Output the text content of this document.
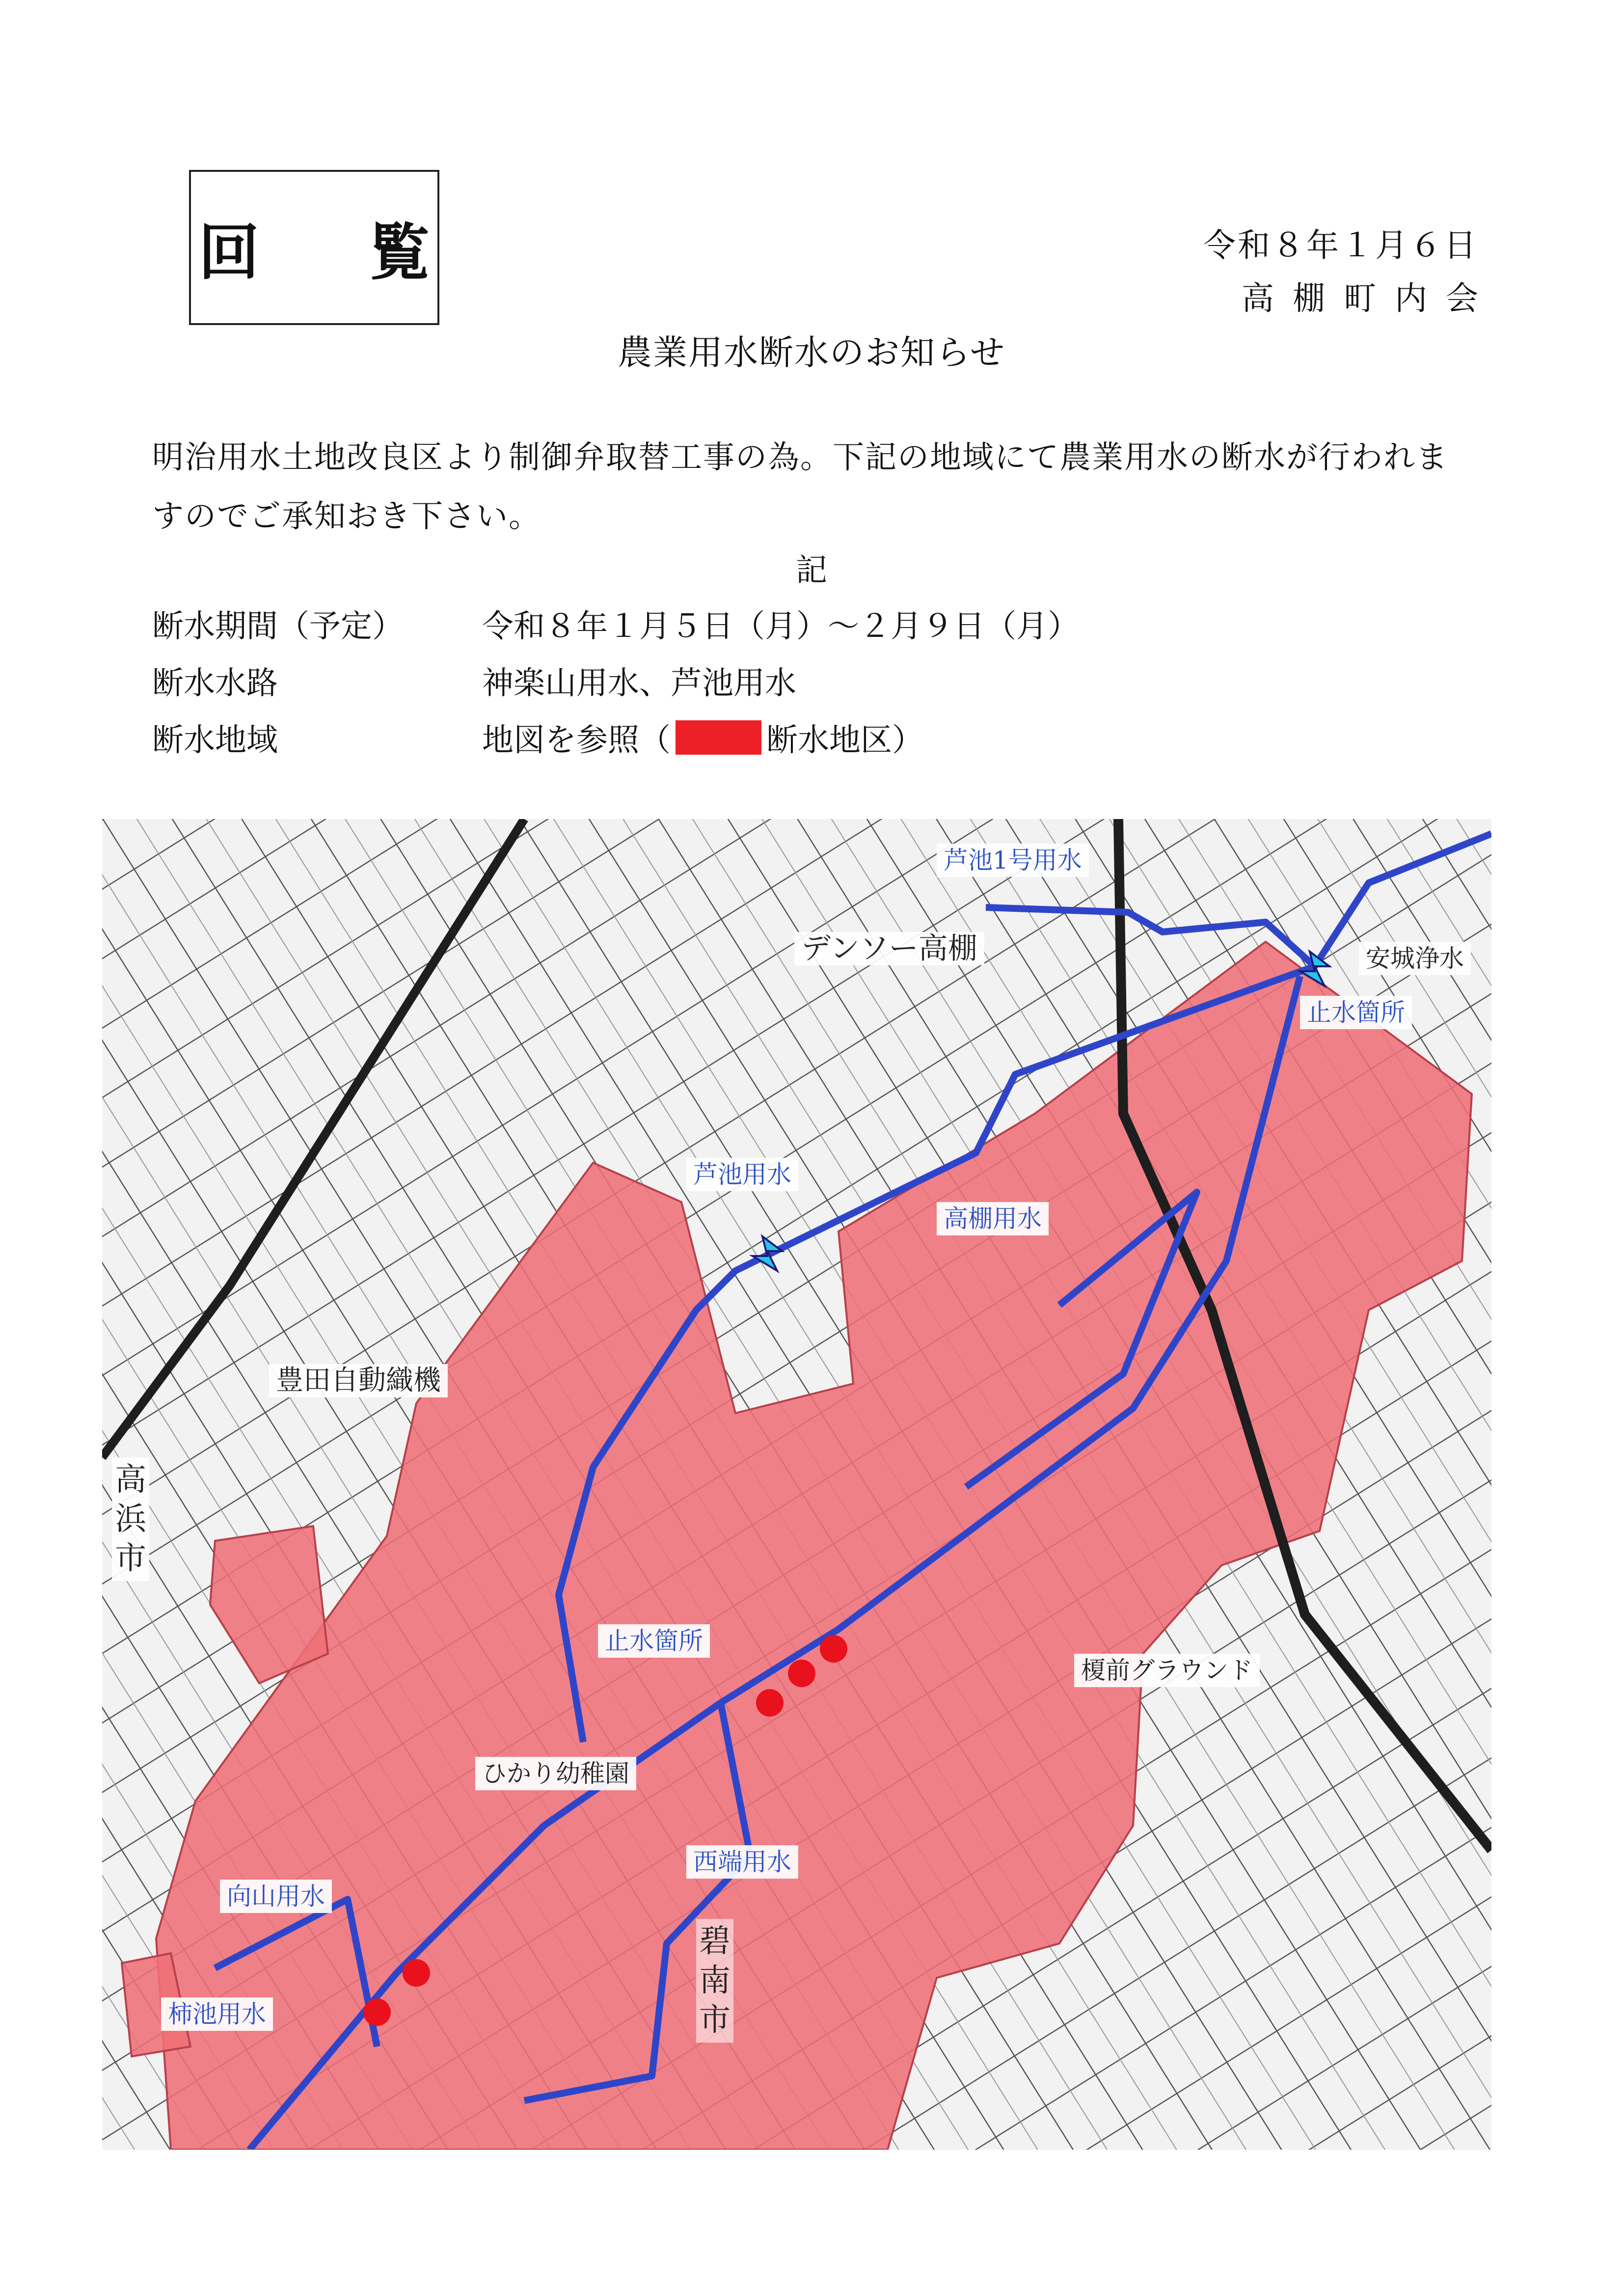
回 覧	令和８年１月６日
高棚町内会
農業用水断水のお知らせ
明治用水土地改良区より制御弁取替工事の為。下記の地域にて農業用水の断水が行われますのでご承知おき下さい。
記
断水期間（予定）	令和８年１月５日（月）〜２月９日（月）
断水水路	神楽山用水、芦池用水
断水地域	地図を参照（	断水地区）
芦池1号用水
デンソー高棚	安城浄水
止水箇所
芦池用水
高棚用水
豊田自動織機
高浜市
止水箇所
榎前グラウンド
ひかり幼稚園
西端用水
向山用水
碧南市
柿池用水
